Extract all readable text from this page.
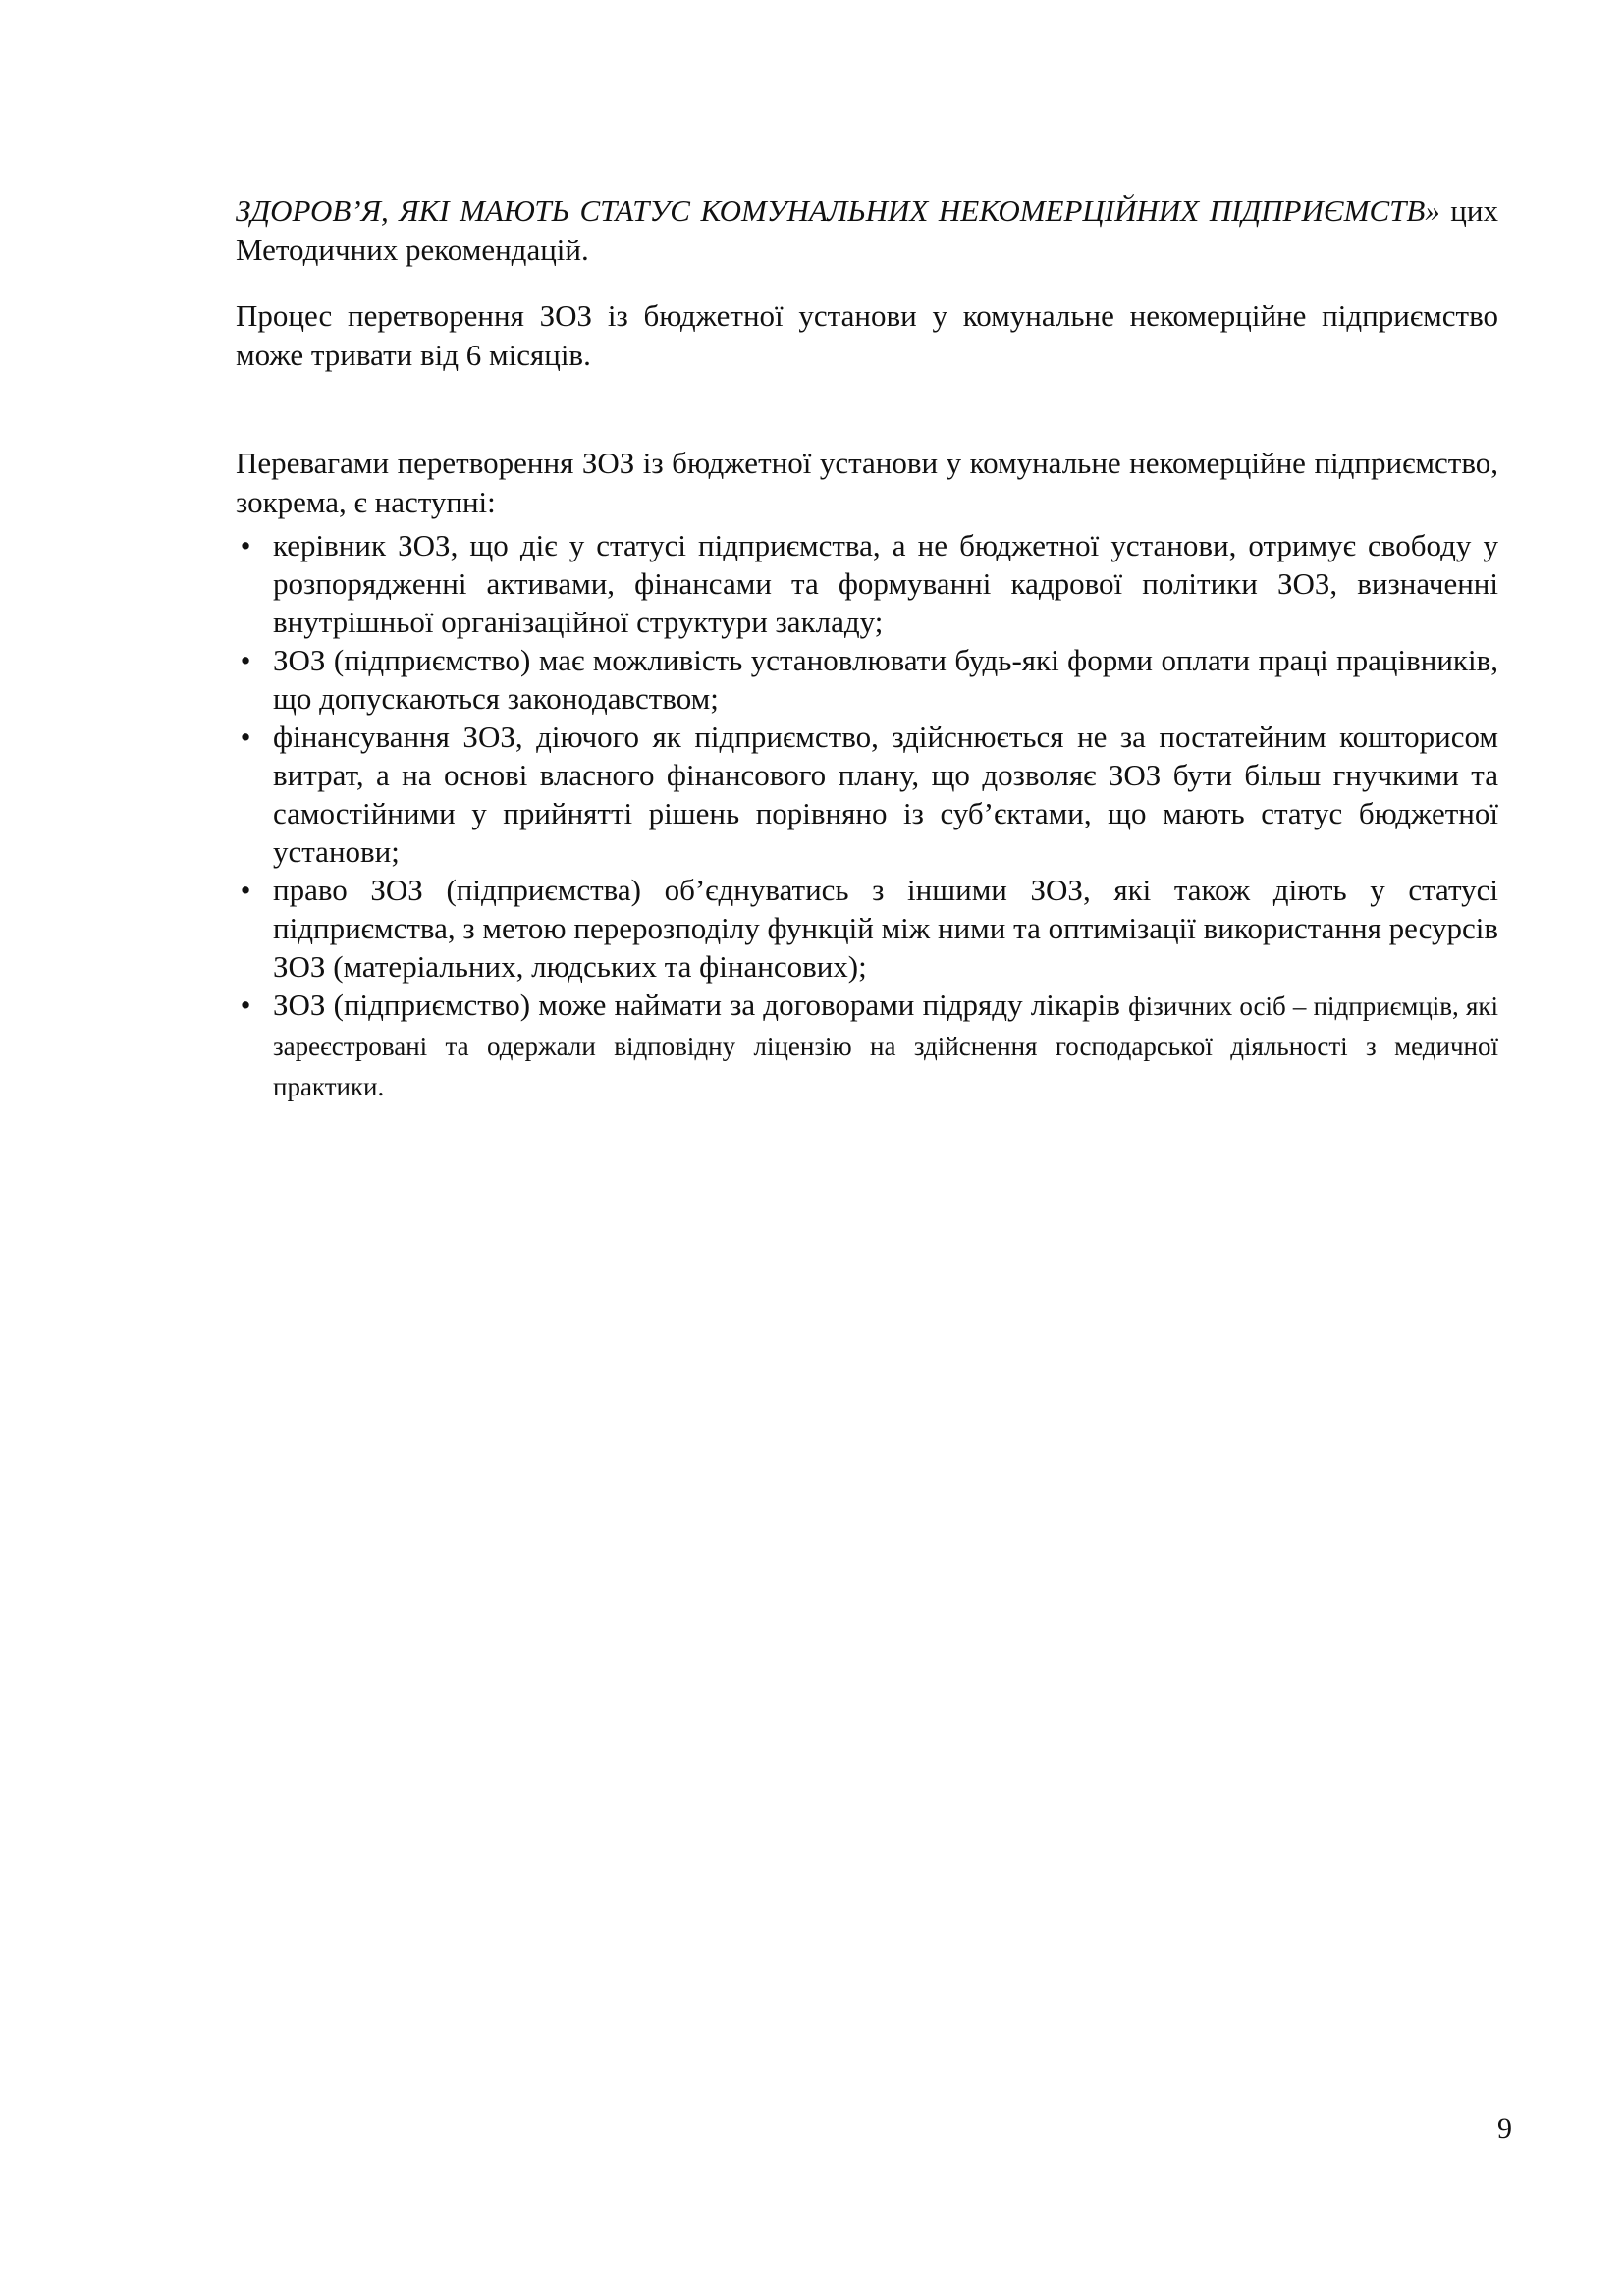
ЗДОРОВ’Я, ЯКІ МАЮТЬ СТАТУС КОМУНАЛЬНИХ НЕКОМЕРЦІЙНИХ ПІДПРИЄМСТВ» цих Методичних рекомендацій.

Процес перетворення ЗОЗ із бюджетної установи у комунальне некомерційне підприємство може тривати від 6 місяців.

Перевагами перетворення ЗОЗ із бюджетної установи у комунальне некомерційне підприємство, зокрема, є наступні:

• керівник ЗОЗ, що діє у статусі підприємства, а не бюджетної установи, отримує свободу у розпорядженні активами, фінансами та формуванні кадрової політики ЗОЗ, визначенні внутрішньої організаційної структури закладу;
• ЗОЗ (підприємство) має можливість установлювати будь-які форми оплати праці працівників, що допускаються законодавством;
• фінансування ЗОЗ, діючого як підприємство, здійснюється не за постатейним кошторисом витрат, а на основі власного фінансового плану, що дозволяє ЗОЗ бути більш гнучкими та самостійними у прийнятті рішень порівняно із суб’єктами, що мають статус бюджетної установи;
• право ЗОЗ (підприємства) об’єднуватись з іншими ЗОЗ, які також діють у статусі підприємства, з метою перерозподілу функцій між ними та оптимізації використання ресурсів ЗОЗ (матеріальних, людських та фінансових);
• ЗОЗ (підприємство) може наймати за договорами підряду лікарів фізичних осіб – підприємців, які зареєстровані та одержали відповідну ліцензію на здійснення господарської діяльності з медичної практики.
9
